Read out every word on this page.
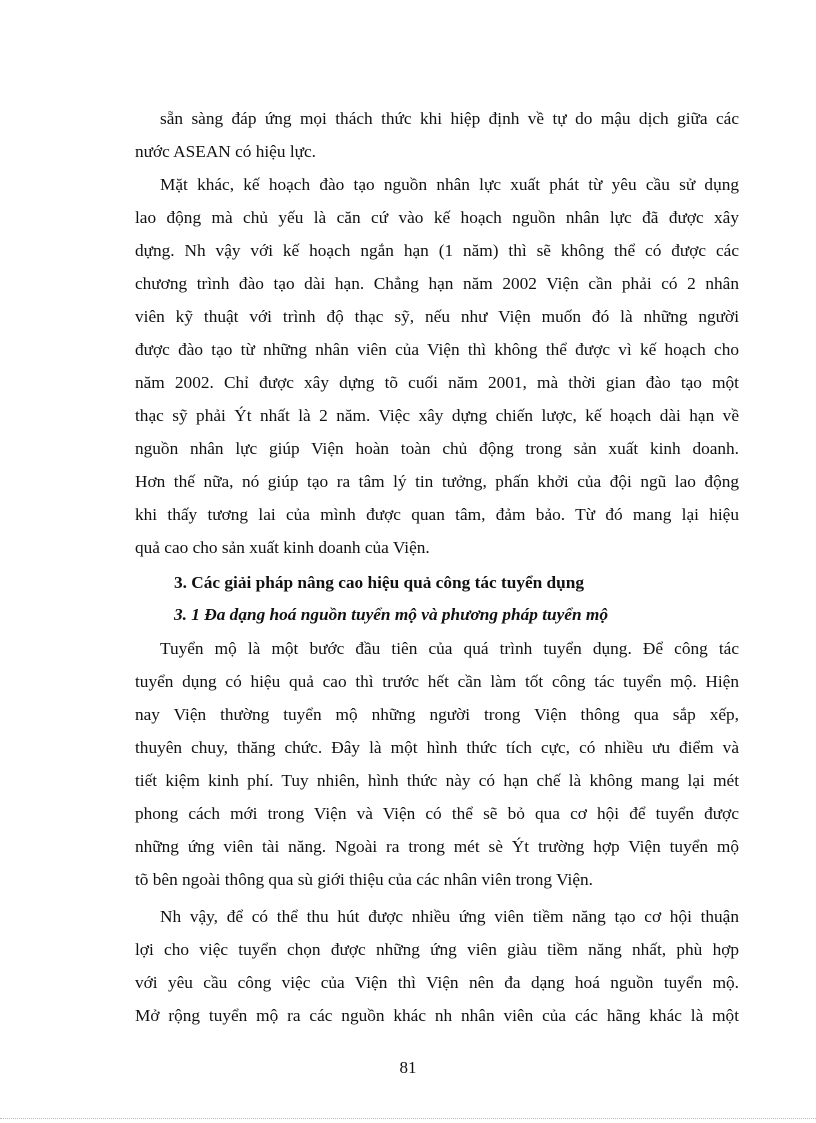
sẵn sàng đáp ứng mọi thách thức khi hiệp định về tự do mậu dịch giữa các
nước ASEAN có hiệu lực.
Mặt khác, kế hoạch đào tạo nguồn nhân lực xuất phát từ yêu cầu sử dụng
lao động mà chủ yếu là căn cứ vào kế hoạch nguồn nhân lực đã được xây
dựng. Nh vậy với kế hoạch ngắn hạn (1 năm) thì sẽ không thể có được các
chương trình đào tạo dài hạn. Chẳng hạn năm 2002 Viện cần phải có 2 nhân
viên kỹ thuật với trình độ thạc sỹ, nếu như Viện muốn đó là những người
được đào tạo từ những nhân viên của Viện thì không thể được vì kế hoạch cho
năm 2002. Chỉ được xây dựng tõ cuối năm 2001, mà thời gian đào tạo một
thạc sỹ phải Ýt nhất là 2 năm. Việc xây dựng chiến lược, kế hoạch dài hạn về
nguồn nhân lực giúp Viện hoàn toàn chủ động trong sản xuất kinh doanh.
Hơn thế nữa, nó giúp tạo ra tâm lý tin tưởng, phấn khởi của đội ngũ lao động
khi thấy tương lai của mình được quan tâm, đảm bảo. Từ đó mang lại hiệu
quả cao cho sản xuất kinh doanh của Viện.
3. Các giải pháp nâng cao hiệu quả công tác tuyển dụng
3. 1 Đa dạng hoá nguồn tuyển mộ và phương pháp tuyển mộ
Tuyển mộ là một bước đầu tiên của quá trình tuyển dụng. Để công tác
tuyển dụng có hiệu quả cao thì trước hết cần làm tốt công tác tuyển mộ. Hiện
nay Viện thường tuyển mộ những người trong Viện thông qua sắp xếp,
thuyên chuy, thăng chức. Đây là một hình thức tích cực, có nhiều ưu điểm và
tiết kiệm kinh phí. Tuy nhiên, hình thức này có hạn chế là không mang lại mét
phong cách mới trong Viện và Viện có thể sẽ bỏ qua cơ hội để tuyển được
những ứng viên tài năng. Ngoài ra trong mét sè Ýt trường hợp Viện tuyển mộ
tõ bên ngoài thông qua sù giới thiệu của các nhân viên trong Viện.
Nh vậy, để có thể thu hút được nhiều ứng viên tiềm năng tạo cơ hội thuận
lợi cho việc tuyển chọn được những ứng viên giàu tiềm năng nhất, phù hợp
với yêu cầu công việc của Viện thì Viện nên đa dạng hoá nguồn tuyển mộ.
Mở rộng tuyển mộ ra các nguồn khác nh nhân viên của các hãng khác là một
81
